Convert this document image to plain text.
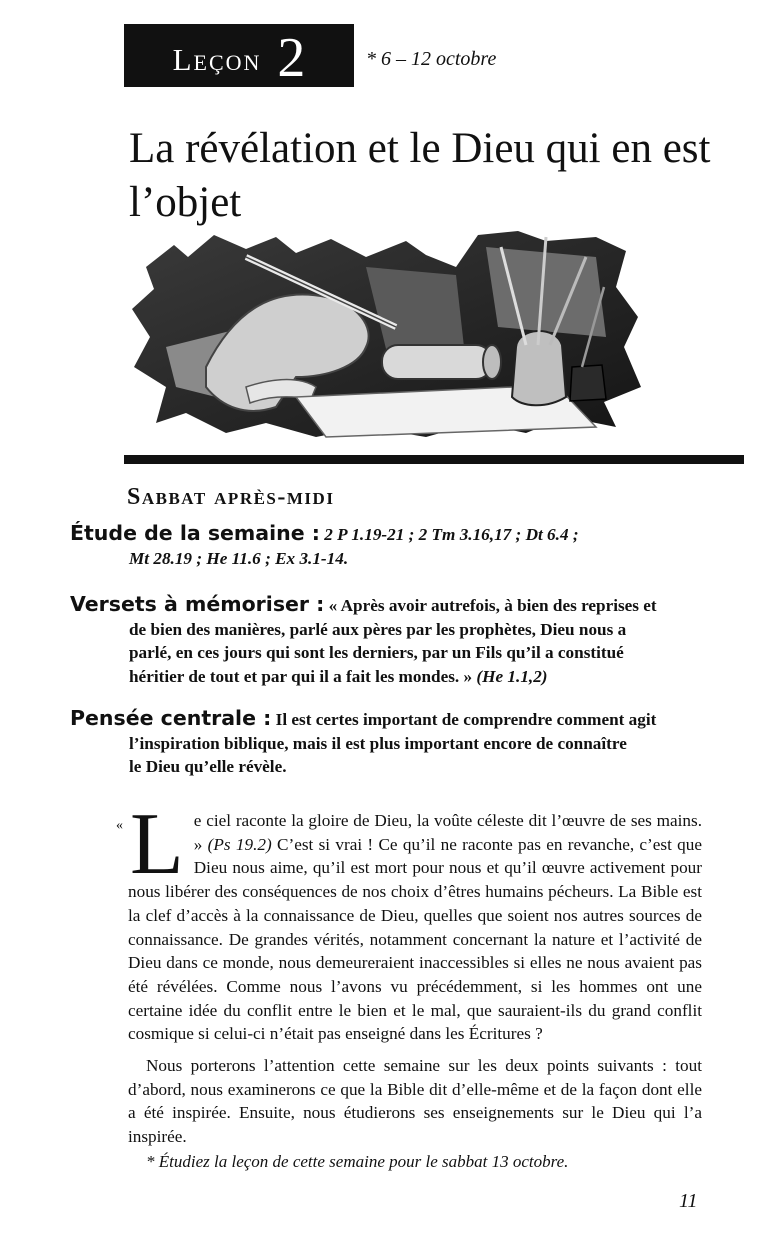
Leçon 2	* 6 – 12 octobre
La révélation et le Dieu qui en est l’objet
Sabbat après-midi
Étude de la semaine : 2 P 1.19-21 ; 2 Tm 3.16,17 ; Dt 6.4 ;
Mt 28.19 ; He 11.6 ; Ex 3.1-14.
Versets à mémoriser : « Après avoir autrefois, à bien des reprises et
de bien des manières, parlé aux pères par les prophètes, Dieu nous a
parlé, en ces jours qui sont les derniers, par un Fils qu’il a constitué
héritier de tout et par qui il a fait les mondes. » (He 1.1,2)
Pensée centrale : Il est certes important de comprendre comment agit
l’inspiration biblique, mais il est plus important encore de connaître
le Dieu qu’elle révèle.
« Le ciel raconte la gloire de Dieu, la voûte céleste dit l’œuvre de ses mains. » (Ps 19.2) C’est si vrai ! Ce qu’il ne raconte pas en revanche, c’est que Dieu nous aime, qu’il est mort pour nous et qu’il œuvre activement pour nous libérer des conséquences de nos choix d’êtres humains pécheurs. La Bible est la clef d’accès à la connaissance de Dieu, quelles que soient nos autres sources de connaissance. De grandes vérités, notamment concernant la nature et l’activité de Dieu dans ce monde, nous demeureraient inaccessibles si elles ne nous avaient pas été révélées. Comme nous l’avons vu précédemment, si les hommes ont une certaine idée du conflit entre le bien et le mal, que sauraient-ils du grand conflit cosmique si celui-ci n’était pas enseigné dans les Écritures ?

Nous porterons l’attention cette semaine sur les deux points suivants : tout d’abord, nous examinerons ce que la Bible dit d’elle-même et de la façon dont elle a été inspirée. Ensuite, nous étudierons ses enseignements sur le Dieu qui l’a inspirée.

* Étudiez la leçon de cette semaine pour le sabbat 13 octobre.
11
